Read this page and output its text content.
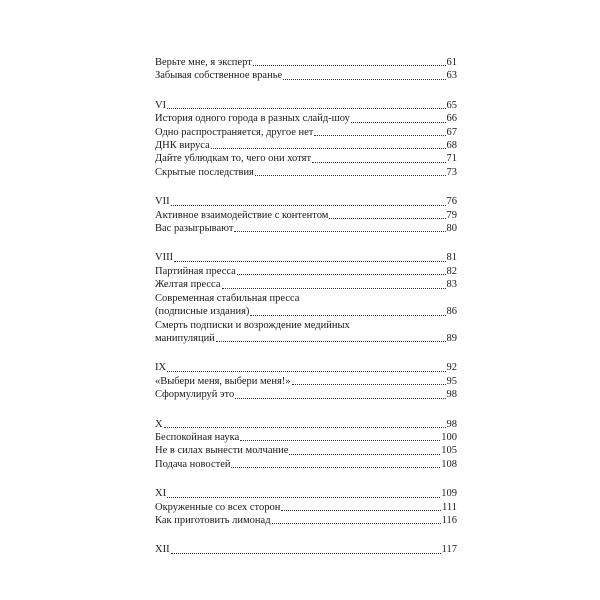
Верьте мне, я эксперт	61
Забывая собственное вранье	63
VI	65
История одного города в разных слайд-шоу	66
Одно распространяется, другое нет	67
ДНК вируса	68
Дайте ублюдкам то, чего они хотят	71
Скрытые последствия	73
VII	76
Активное взаимодействие с контентом	79
Вас разыгрывают	80
VIII	81
Партийная пресса	82
Желтая пресса	83
Современная стабильная пресса
(подписные издания)	86
Смерть подписки и возрождение медийных
манипуляций	89
IX	92
«Выбери меня, выбери меня!»	95
Сформулируй это	98
X	98
Беспокойная наука	100
Не в силах вынести молчание	105
Подача новостей	108
XI	109
Окруженные со всех сторон	111
Как приготовить лимонад	116
XII	117
